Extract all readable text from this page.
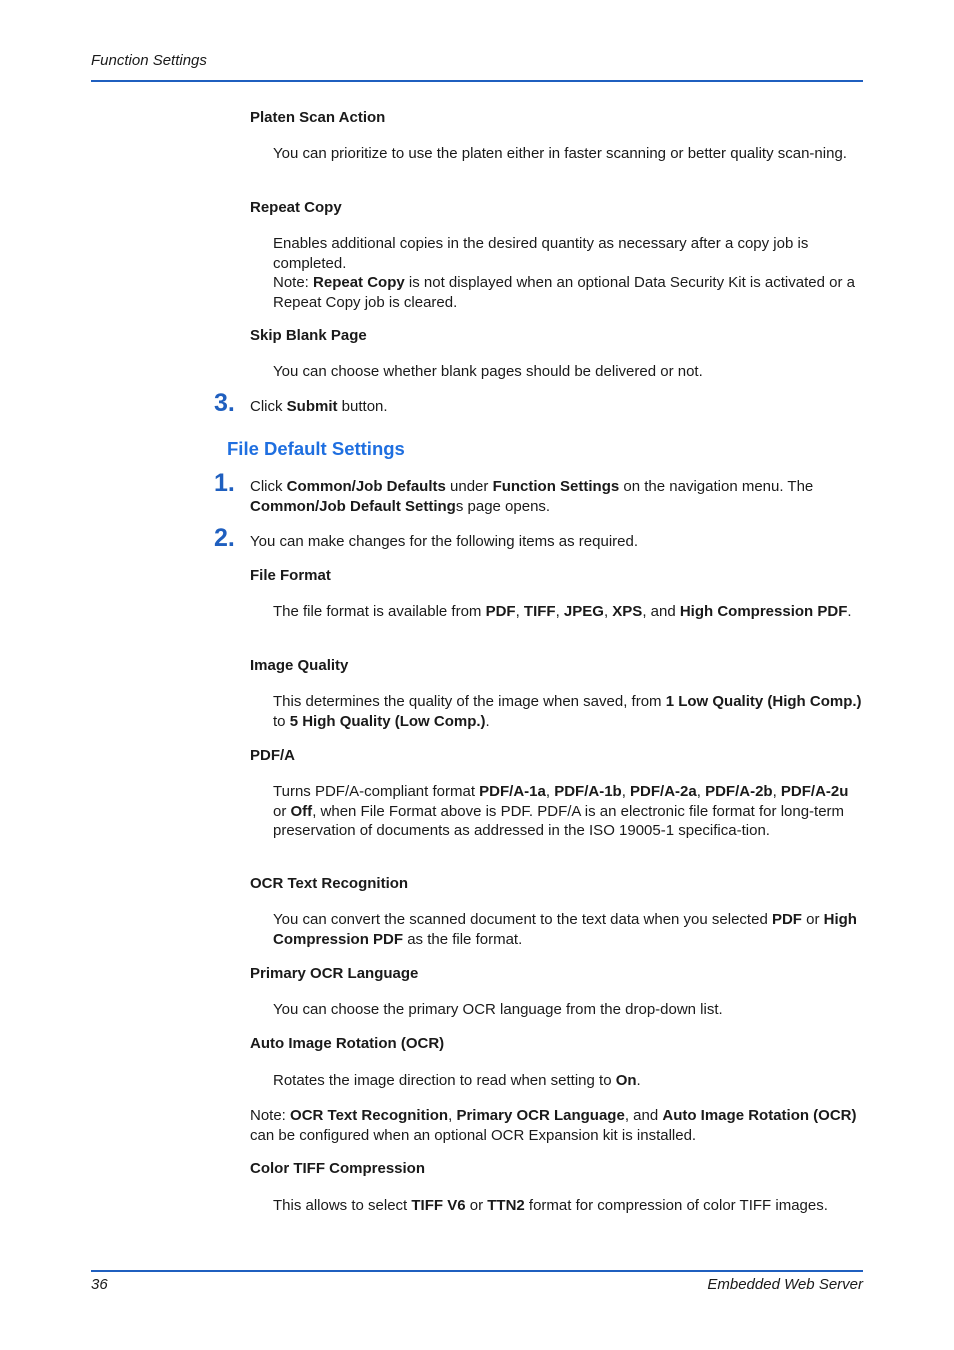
Function Settings
Platen Scan Action
You can prioritize to use the platen either in faster scanning or better quality scan-ning.
Repeat Copy
Enables additional copies in the desired quantity as necessary after a copy job is completed.
Note: Repeat Copy is not displayed when an optional Data Security Kit is activated or a Repeat Copy job is cleared.
Skip Blank Page
You can choose whether blank pages should be delivered or not.
3. Click Submit button.
File Default Settings
1. Click Common/Job Defaults under Function Settings on the navigation menu. The Common/Job Default Settings page opens.
2. You can make changes for the following items as required.
File Format
The file format is available from PDF, TIFF, JPEG, XPS, and High Compression PDF.
Image Quality
This determines the quality of the image when saved, from 1 Low Quality (High Comp.) to 5 High Quality (Low Comp.).
PDF/A
Turns PDF/A-compliant format PDF/A-1a, PDF/A-1b, PDF/A-2a, PDF/A-2b, PDF/A-2u or Off, when File Format above is PDF. PDF/A is an electronic file format for long-term preservation of documents as addressed in the ISO 19005-1 specifica-tion.
OCR Text Recognition
You can convert the scanned document to the text data when you selected PDF or High Compression PDF as the file format.
Primary OCR Language
You can choose the primary OCR language from the drop-down list.
Auto Image Rotation (OCR)
Rotates the image direction to read when setting to On.
Note: OCR Text Recognition, Primary OCR Language, and Auto Image Rotation (OCR) can be configured when an optional OCR Expansion kit is installed.
Color TIFF Compression
This allows to select TIFF V6 or TTN2 format for compression of color TIFF images.
36	Embedded Web Server
